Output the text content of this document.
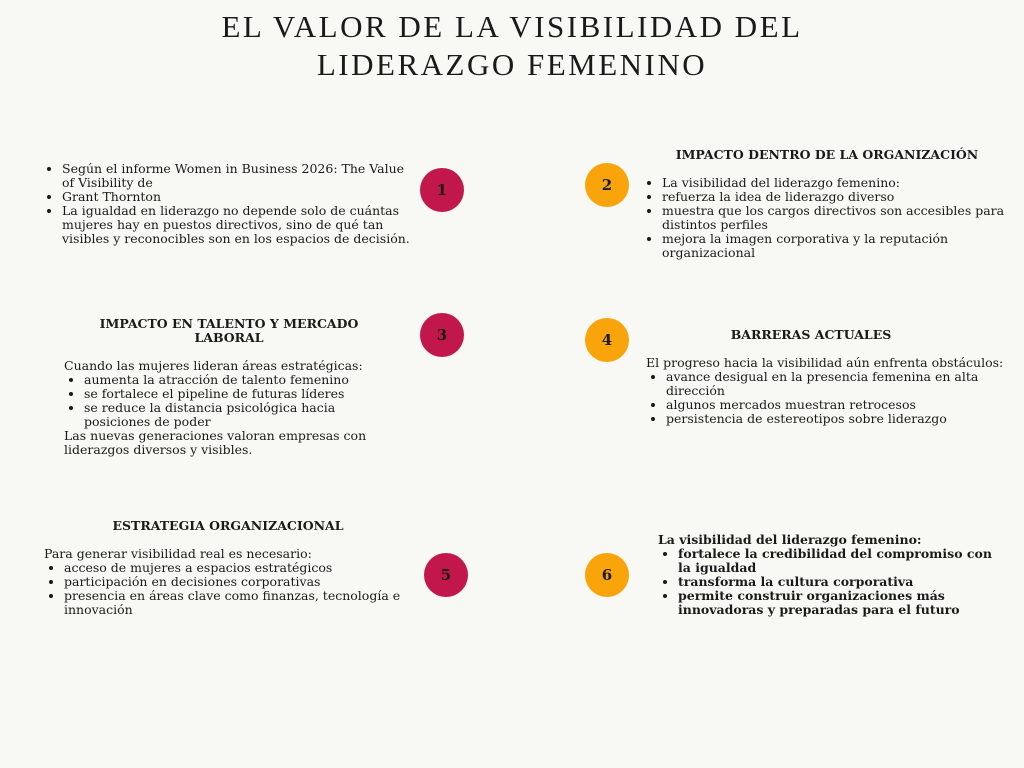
EL VALOR DE LA VISIBILIDAD DEL
LIDERAZGO FEMENINO
1	2
3	4
5	6
• Según el informe Women in Business 2026: The Value of Visibility de
• Grant Thornton
• La igualdad en liderazgo no depende solo de cuántas mujeres hay en puestos directivos, sino de qué tan visibles y reconocibles son en los espacios de decisión.

IMPACTO DENTRO DE LA ORGANIZACIÓN

• La visibilidad del liderazgo femenino:
• refuerza la idea de liderazgo diverso
• muestra que los cargos directivos son accesibles para distintos perfiles
• mejora la imagen corporativa y la reputación organizacional

IMPACTO EN TALENTO Y MERCADO LABORAL

Cuando las mujeres lideran áreas estratégicas:

• aumenta la atracción de talento femenino
• se fortalece el pipeline de futuras líderes
• se reduce la distancia psicológica hacia posiciones de poder

Las nuevas generaciones valoran empresas con liderazgos diversos y visibles.

BARRERAS ACTUALES

El progreso hacia la visibilidad aún enfrenta obstáculos:

• avance desigual en la presencia femenina en alta dirección
• algunos mercados muestran retrocesos
• persistencia de estereotipos sobre liderazgo

ESTRATEGIA ORGANIZACIONAL

Para generar visibilidad real es necesario:

• acceso de mujeres a espacios estratégicos
• participación en decisiones corporativas
• presencia en áreas clave como finanzas, tecnología e innovación

La visibilidad del liderazgo femenino:

• fortalece la credibilidad del compromiso con la igualdad
• transforma la cultura corporativa
• permite construir organizaciones más innovadoras y preparadas para el futuro
